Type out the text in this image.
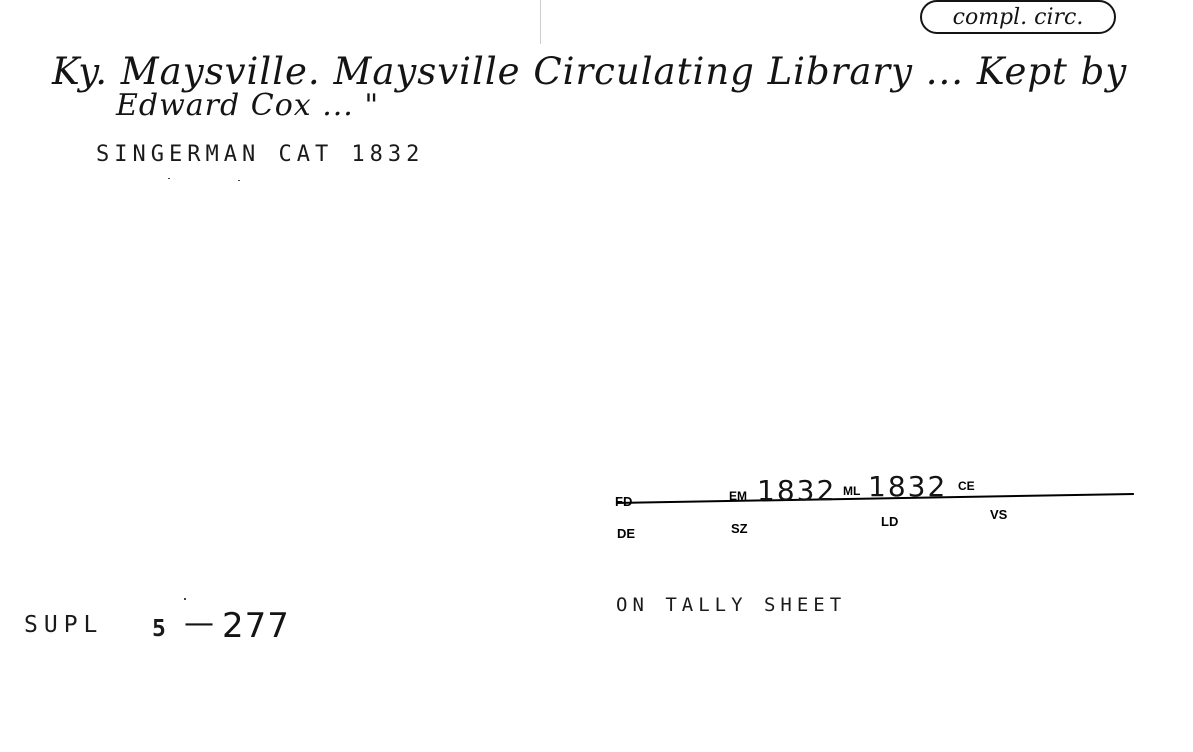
compl. circ.
Ky. Maysville. Maysville Circulating Library ... Kept by
Edward Cox ... "
SINGERMAN CAT 1832
FD	EM 1832 ML 1832 CE
DE	SZ	LD	VS
ON TALLY SHEET
SUPL 5 — 277
